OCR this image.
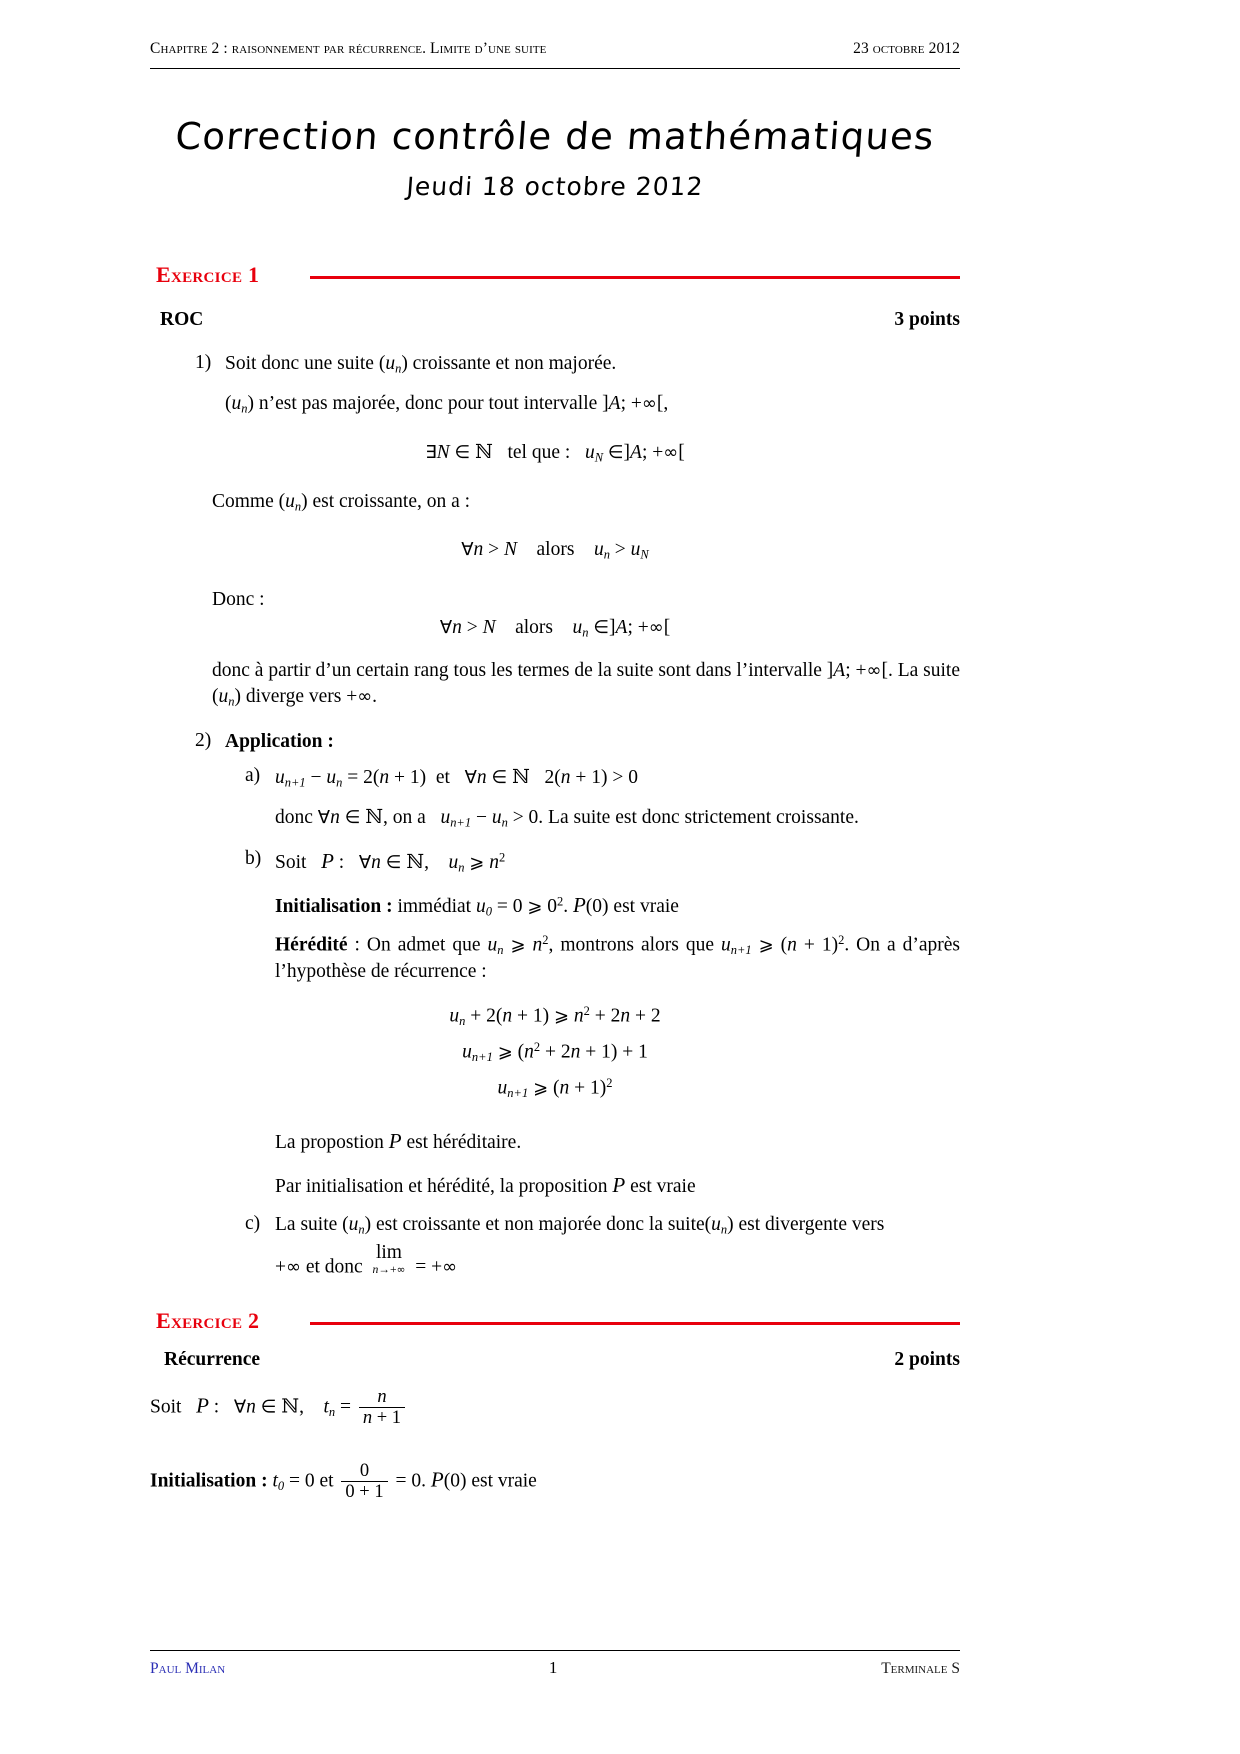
Chapitre 2 : raisonnement par récurrence. Limite d’une suite	23 octobre 2012
Correction contrôle de mathématiques
Jeudi 18 octobre 2012
Exercice 1
ROC	3 points
1) Soit donc une suite $(u_n)$ croissante et non majorée.
$(u_n)$ n’est pas majorée, donc pour tout intervalle ]A; +∞[,
∃N ∈ ℕ   tel que :   $u_N$ ∈]A; +∞[
Comme $(u_n)$ est croissante, on a :
∀n > N    alors    $u_n > u_N$
Donc :
∀n > N    alors    $u_n$ ∈]A; +∞[
donc à partir d’un certain rang tous les termes de la suite sont dans l’intervalle ]A; +∞[. La suite $(u_n)$ diverge vers +∞.
2) Application :
a) $u_{n+1} - u_n = 2(n + 1)$  et   ∀n ∈ ℕ   2(n + 1) > 0
donc ∀n ∈ ℕ, on a   $u_{n+1} - u_n > 0$. La suite est donc strictement croissante.
b) Soit   P :   ∀n ∈ ℕ,    $u_n$ ⩾ $n^2$
Initialisation : immédiat $u_0 = 0$ ⩾ $0^2$. P(0) est vraie
Hérédité : On admet que $u_n$ ⩾ $n^2$, montrons alors que $u_{n+1}$ ⩾ $(n + 1)^2$. On a d’après l’hypothèse de récurrence :
$u_n + 2(n + 1)$ ⩾ $n^2 + 2n + 2$
$u_{n+1}$ ⩾ $(n^2 + 2n + 1) + 1$
$u_{n+1}$ ⩾ $(n + 1)^2$
La propostion P est héréditaire.
Par initialisation et hérédité, la proposition P est vraie
c) La suite $(u_n)$ est croissante et non majorée donc la $suite(u_n)$ est divergente vers
+∞ et donc  lim
n→+∞ = +∞
Exercice 2
Récurrence	2 points
Soit   P :   ∀n ∈ ℕ,    $t_n = \frac{n}{n + 1}$
Initialisation : $t_0 = 0$ et $\frac{0}{0 + 1} = 0$. P(0) est vraie
Paul Milan	1	Terminale S
